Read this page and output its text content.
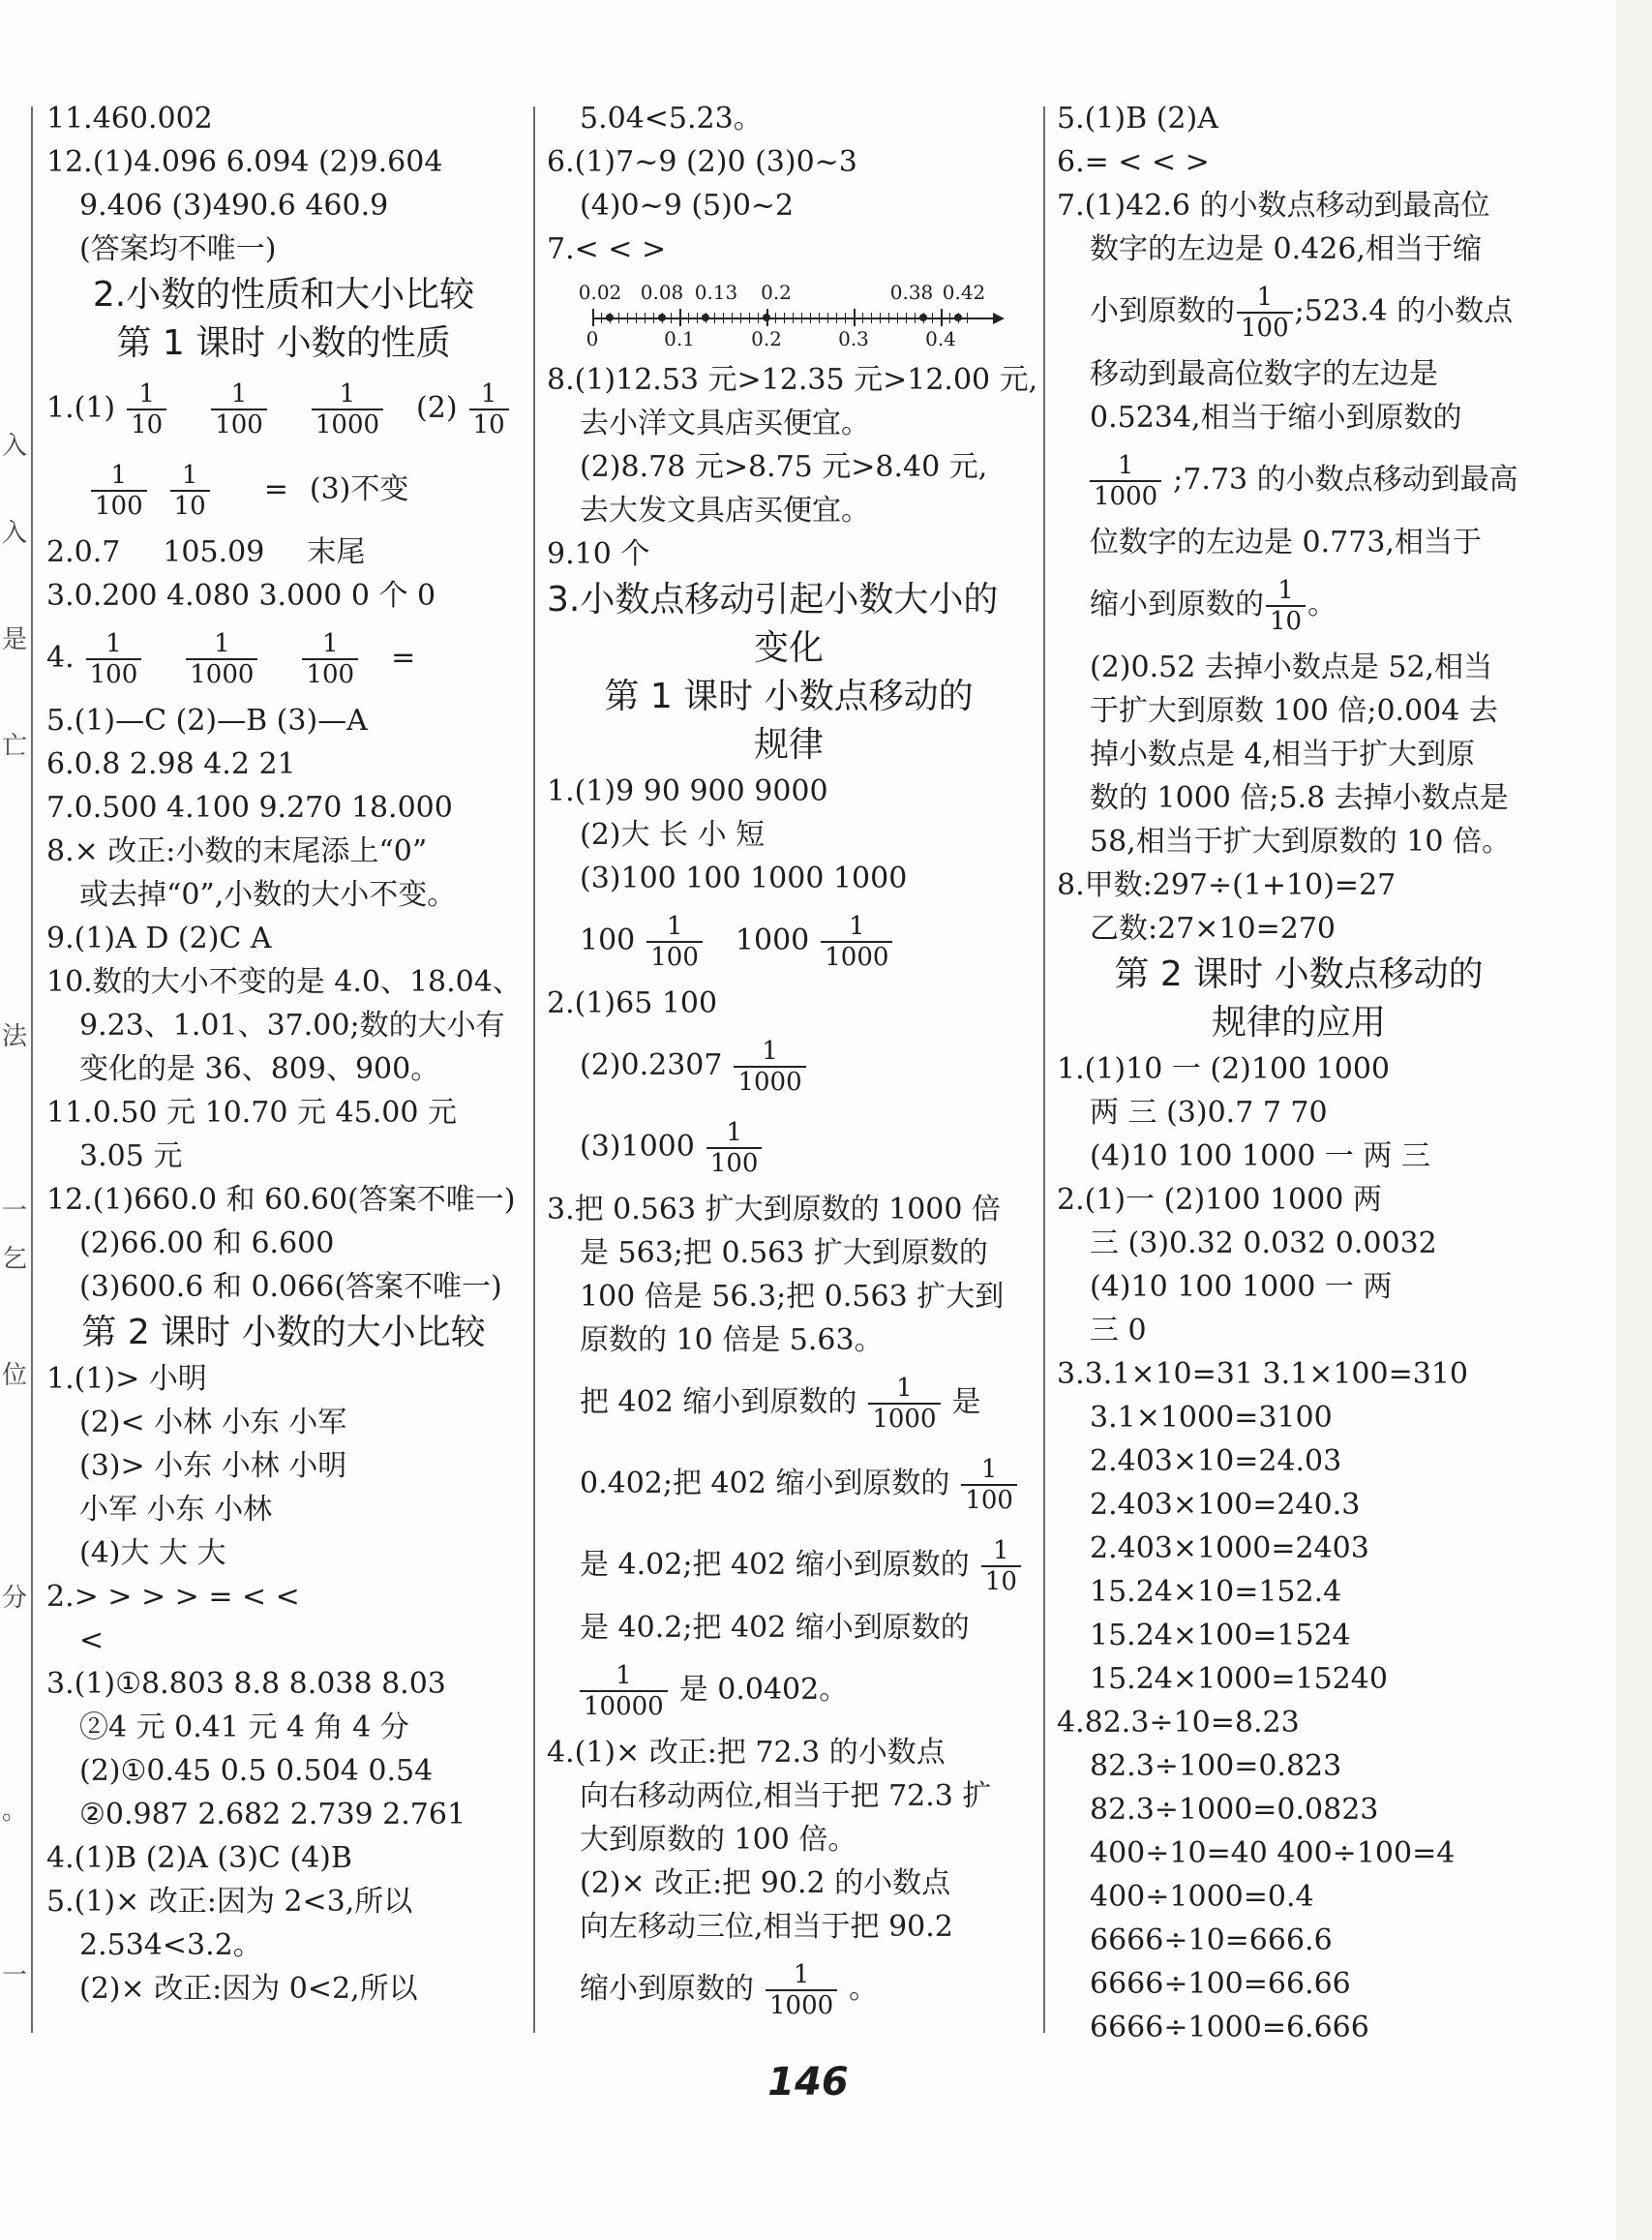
入
入
是
亡
法
一
乞
位
分
。
一
11.460.002
12.(1)4.096 6.094 (2)9.604
9.406 (3)490.6 460.9
(答案均不唯一)
2.小数的性质和大小比较
第 1 课时 小数的性质
$1.(1) \frac{1}{10} \frac{1}{100} \frac{1}{1000} (2) \frac{1}{10}$
$\frac{1}{100} \frac{1}{10} = (3)$不变
2.0.7 105.09 末尾
3.0.200 4.080 3.000 0 个 0
4. $\frac{1}{100} \frac{1}{1000} \frac{1}{100}$ =
5.(1)—C (2)—B (3)—A
6.0.8 2.98 4.2 21
7.0.500 4.100 9.270 18.000
8.× 改正:小数的末尾添上“0”
或去掉“0”,小数的大小不变。
9.(1)A D (2)C A
10.数的大小不变的是 4.0、18.04、
9.23、1.01、37.00;数的大小有
变化的是 36、809、900。
11.0.50 元 10.70 元 45.00 元
3.05 元
12.(1)660.0 和 60.60(答案不唯一)
(2)66.00 和 6.600
(3)600.6 和 0.066(答案不唯一)
第 2 课时 小数的大小比较
1.(1)> 小明
(2)< 小林 小东 小军
(3)> 小东 小林 小明
小军 小东 小林
(4)大 大 大
2.> > > > = < <
<
3.(1)①8.803 8.8 8.038 8.03
②4 元 0.41 元 4 角 4 分
(2)①0.45 0.5 0.504 0.54
②0.987 2.682 2.739 2.761
4.(1)B (2)A (3)C (4)B
5.(1)× 改正:因为 2<3,所以
2.534<3.2。
(2)× 改正:因为 0<2,所以
5.04<5.23。
6.(1)7~9 (2)0 (3)0~3
(4)0~9 (5)0~2
7.< < >
8.(1)12.53 元>12.35 元>12.00 元,
去小洋文具店买便宜。
(2)8.78 元>8.75 元>8.40 元,
去大发文具店买便宜。
9.10 个
3.小数点移动引起小数大小的
变化
第 1 课时 小数点移动的
规律
1.(1)9 90 900 9000
(2)大 长 小 短
(3)100 100 1000 1000
$100 \frac{1}{100} 1000 \frac{1}{1000}$
2.(1)65 100
$(2)0.2307 \frac{1}{1000}$
$(3)1000 \frac{1}{100}$
3.把 0.563 扩大到原数的 1000 倍
是 563;把 0.563 扩大到原数的
100 倍是 56.3;把 0.563 扩大到
原数的 10 倍是 5.63。
把 402 缩小到原数的 $\frac{1}{1000}$ 是
0.402;把 402 缩小到原数的 $\frac{1}{100}$
是 4.02;把 402 缩小到原数的 $\frac{1}{10}$
是 40.2;把 402 缩小到原数的
$\frac{1}{10000}$ 是 0.0402。
4.(1)× 改正:把 72.3 的小数点
向右移动两位,相当于把 72.3 扩
大到原数的 100 倍。
(2)× 改正:把 90.2 的小数点
向左移动三位,相当于把 90.2
缩小到原数的 $\frac{1}{1000}$ 。
0.02 0.08 0.13 0.2	0.38 0.42
0	0.1	0.2	0.3	0.4
5.(1)B (2)A
6.= < < >
7.(1)42.6 的小数点移动到最高位
数字的左边是 0.426,相当于缩
小到原数的 $\frac{1}{100}$ ;523.4 的小数点
移动到最高位数字的左边是
0.5234,相当于缩小到原数的
$\frac{1}{1000}$ ;7.73 的小数点移动到最高
位数字的左边是 0.773,相当于
缩小到原数的 $\frac{1}{10}$ 。
(2)0.52 去掉小数点是 52,相当
于扩大到原数 100 倍;0.004 去
掉小数点是 4,相当于扩大到原
数的 1000 倍;5.8 去掉小数点是
58,相当于扩大到原数的 10 倍。
8.甲数:297÷(1+10)=27
乙数:27×10=270
第 2 课时 小数点移动的
规律的应用
1.(1)10 一 (2)100 1000
两 三 (3)0.7 7 70
(4)10 100 1000 一 两 三
2.(1)一 (2)100 1000 两
三 (3)0.32 0.032 0.0032
(4)10 100 1000 一 两
三 0
3.3.1×10=31 3.1×100=310
3.1×1000=3100
2.403×10=24.03
2.403×100=240.3
2.403×1000=2403
15.24×10=152.4
15.24×100=1524
15.24×1000=15240
4.82.3÷10=8.23
82.3÷100=0.823
82.3÷1000=0.0823
400÷10=40 400÷100=4
400÷1000=0.4
6666÷10=666.6
6666÷100=66.66
6666÷1000=6.666
146
